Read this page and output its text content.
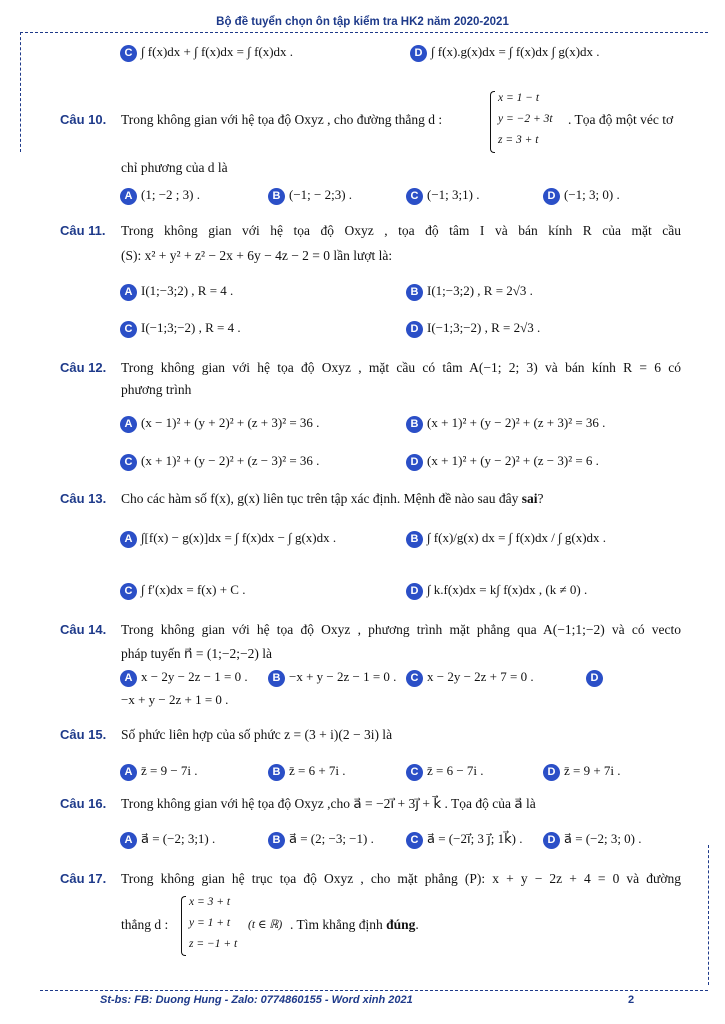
Bộ đề tuyển chọn ôn tập kiểm tra HK2 năm 2020-2021
C ∫ f(x)dx + ∫ f(x)dx = ∫ f(x)dx .	D ∫ f(x).g(x)dx = ∫ f(x)dx ∫ g(x)dx .
Câu 10. Trong không gian với hệ tọa độ Oxyz , cho đường thẳng d :
x = 1 − t
y = −2 + 3t
z = 3 + t
. Tọa độ một véc tơ
chỉ phương của d là
A (1; −2 ; 3) .	B (−1; − 2;3) .	C (−1; 3;1) .	D (−1; 3; 0) .
Câu 11. Trong không gian với hệ tọa độ Oxyz , tọa độ tâm I và bán kính R của mặt cầu
(S): x² + y² + z² − 2x + 6y − 4z − 2 = 0 lần lượt là:
A I(1;−3;2) , R = 4 .	B I(1;−3;2) , R = 2√3 .
C I(−1;3;−2) , R = 4 .	D I(−1;3;−2) , R = 2√3 .
Câu 12. Trong không gian với hệ tọa độ Oxyz , mặt cầu có tâm A(−1; 2; 3) và bán kính R = 6 có
phương trình
A (x − 1)² + (y + 2)² + (z + 3)² = 36 .	B (x + 1)² + (y − 2)² + (z + 3)² = 36 .
C (x + 1)² + (y − 2)² + (z − 3)² = 36 .	D (x + 1)² + (y − 2)² + (z − 3)² = 6 .
Câu 13. Cho các hàm số f(x), g(x) liên tục trên tập xác định. Mệnh đề nào sau đây sai?
A ∫[f(x) − g(x)]dx = ∫ f(x)dx − ∫ g(x)dx .	B ∫ f(x)/g(x) dx = ∫ f(x)dx / ∫ g(x)dx .
C ∫ f′(x)dx = f(x) + C .	D ∫ k.f(x)dx = k∫ f(x)dx , (k ≠ 0) .
Câu 14. Trong không gian với hệ tọa độ Oxyz , phương trình mặt phẳng qua A(−1;1;−2) và có vecto
pháp tuyến n⃗ = (1;−2;−2) là
A x − 2y − 2z − 1 = 0 .	B −x + y − 2z − 1 = 0 .	C x − 2y − 2z + 7 = 0 .	D
−x + y − 2z + 1 = 0 .
Câu 15. Số phức liên hợp của số phức z = (3 + i)(2 − 3i) là
A z̄ = 9 − 7i .	B z̄ = 6 + 7i .	C z̄ = 6 − 7i .	D z̄ = 9 + 7i .
Câu 16. Trong không gian với hệ tọa độ Oxyz ,cho a⃗ = −2i⃗ + 3j⃗ + k⃗ . Tọa độ của a⃗ là
A a⃗ = (−2; 3;1) .	B a⃗ = (2; −3; −1) .	C a⃗ = (−2i⃗; 3 j⃗; 1k⃗) .	D a⃗ = (−2; 3; 0) .
Câu 17. Trong không gian hệ trục tọa độ Oxyz , cho mặt phẳng (P): x + y − 2z + 4 = 0 và đường
thẳng d :
x = 3 + t
y = 1 + t
z = −1 + t
(t ∈ ℝ) . Tìm khẳng định đúng.
St-bs: FB: Duong Hung - Zalo: 0774860155 - Word xinh 2021	2
